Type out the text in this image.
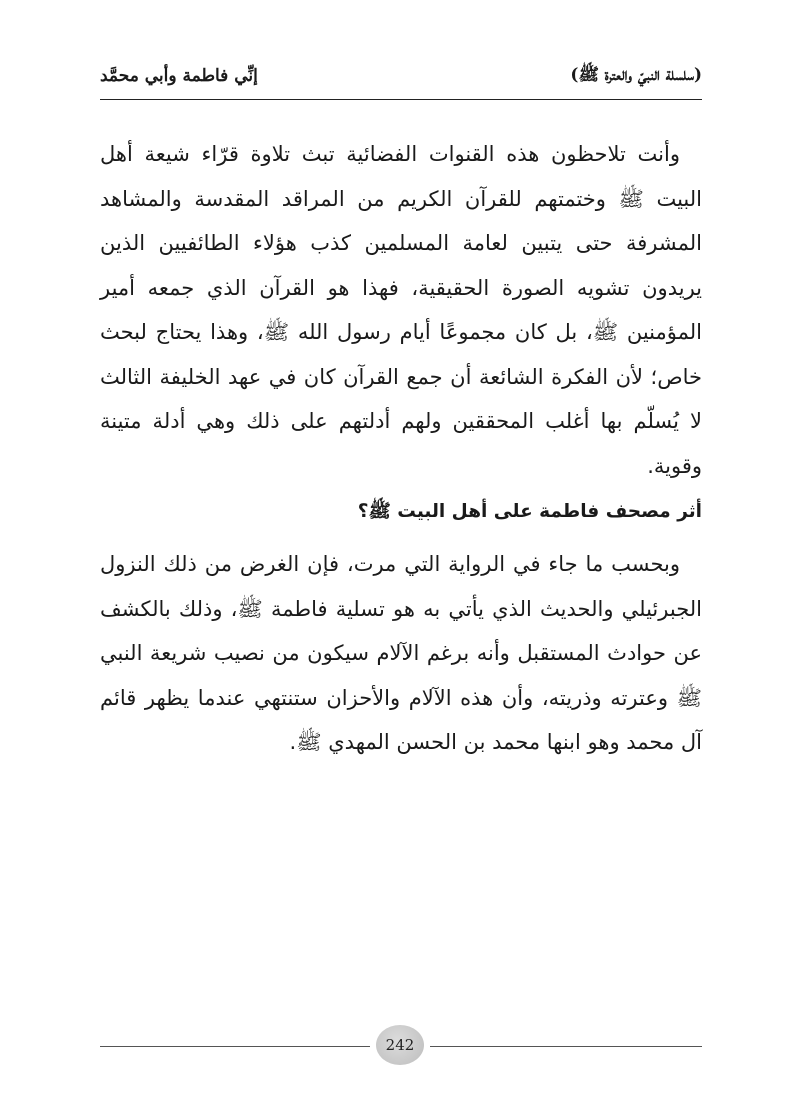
(سلسلة النبيّ والعترة ﷺ)
إنِّي فاطمة وأبي محمَّد

وأنت تلاحظون هذه القنوات الفضائية تبث تلاوة قرّاء شيعة أهل البيت ﷺ وختمتهم للقرآن الكريم من المراقد المقدسة والمشاهد المشرفة حتى يتبين لعامة المسلمين كذب هؤلاء الطائفيين الذين يريدون تشويه الصورة الحقيقية، فهذا هو القرآن الذي جمعه أمير المؤمنين ﷺ، بل كان مجموعًا أيام رسول الله ﷺ، وهذا يحتاج لبحث خاص؛ لأن الفكرة الشائعة أن جمع القرآن كان في عهد الخليفة الثالث لا يُسلّم بها أغلب المحققين ولهم أدلتهم على ذلك وهي أدلة متينة وقوية.

أثر مصحف فاطمة على أهل البيت ﷺ؟

وبحسب ما جاء في الرواية التي مرت، فإن الغرض من ذلك النزول الجبرئيلي والحديث الذي يأتي به هو تسلية فاطمة ﷺ، وذلك بالكشف عن حوادث المستقبل وأنه برغم الآلام سيكون من نصيب شريعة النبي ﷺ وعترته وذريته، وأن هذه الآلام والأحزان ستنتهي عندما يظهر قائم آل محمد وهو ابنها محمد بن الحسن المهدي ﷺ.

242
